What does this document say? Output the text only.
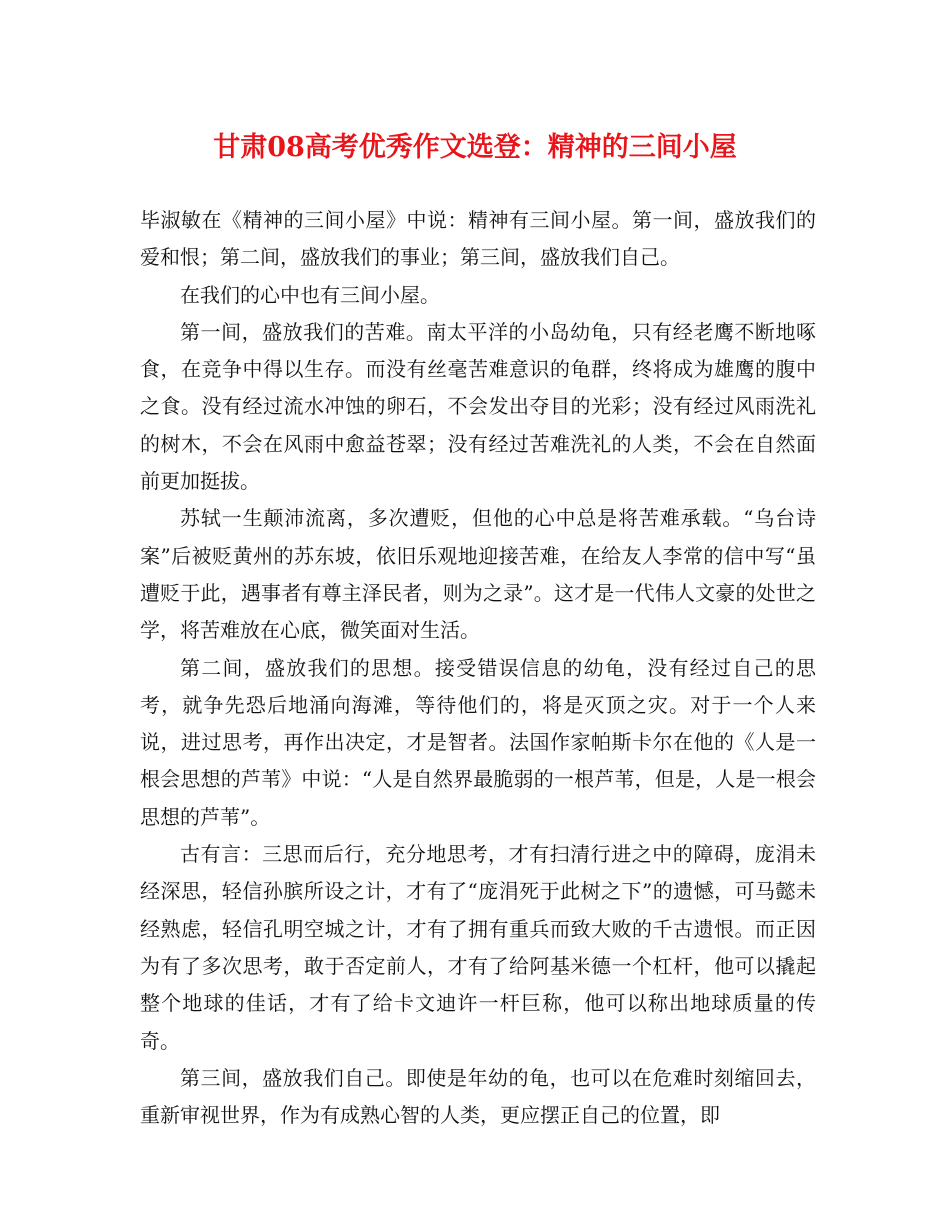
甘肃08高考优秀作文选登：精神的三间小屋

毕淑敏在《精神的三间小屋》中说：精神有三间小屋。第一间，盛放我们的爱和恨；第二间，盛放我们的事业；第三间，盛放我们自己。

在我们的心中也有三间小屋。

第一间，盛放我们的苦难。南太平洋的小岛幼龟，只有经老鹰不断地啄食，在竞争中得以生存。而没有丝毫苦难意识的龟群，终将成为雄鹰的腹中之食。没有经过流水冲蚀的卵石，不会发出夺目的光彩；没有经过风雨洗礼的树木，不会在风雨中愈益苍翠；没有经过苦难洗礼的人类，不会在自然面前更加挺拔。

苏轼一生颠沛流离，多次遭贬，但他的心中总是将苦难承载。“乌台诗案”后被贬黄州的苏东坡，依旧乐观地迎接苦难，在给友人李常的信中写“虽遭贬于此，遇事者有尊主泽民者，则为之录”。这才是一代伟人文豪的处世之学，将苦难放在心底，微笑面对生活。

第二间，盛放我们的思想。接受错误信息的幼龟，没有经过自己的思考，就争先恐后地涌向海滩，等待他们的，将是灭顶之灾。对于一个人来说，进过思考，再作出决定，才是智者。法国作家帕斯卡尔在他的《人是一根会思想的芦苇》中说：“人是自然界最脆弱的一根芦苇，但是，人是一根会思想的芦苇”。

古有言：三思而后行，充分地思考，才有扫清行进之中的障碍，庞涓未经深思，轻信孙膑所设之计，才有了“庞涓死于此树之下”的遗憾，可马懿未经熟虑，轻信孔明空城之计，才有了拥有重兵而致大败的千古遗恨。而正因为有了多次思考，敢于否定前人，才有了给阿基米德一个杠杆，他可以撬起整个地球的佳话，才有了给卡文迪许一杆巨称，他可以称出地球质量的传奇。

第三间，盛放我们自己。即使是年幼的龟，也可以在危难时刻缩回去，重新审视世界，作为有成熟心智的人类，更应摆正自己的位置，即
